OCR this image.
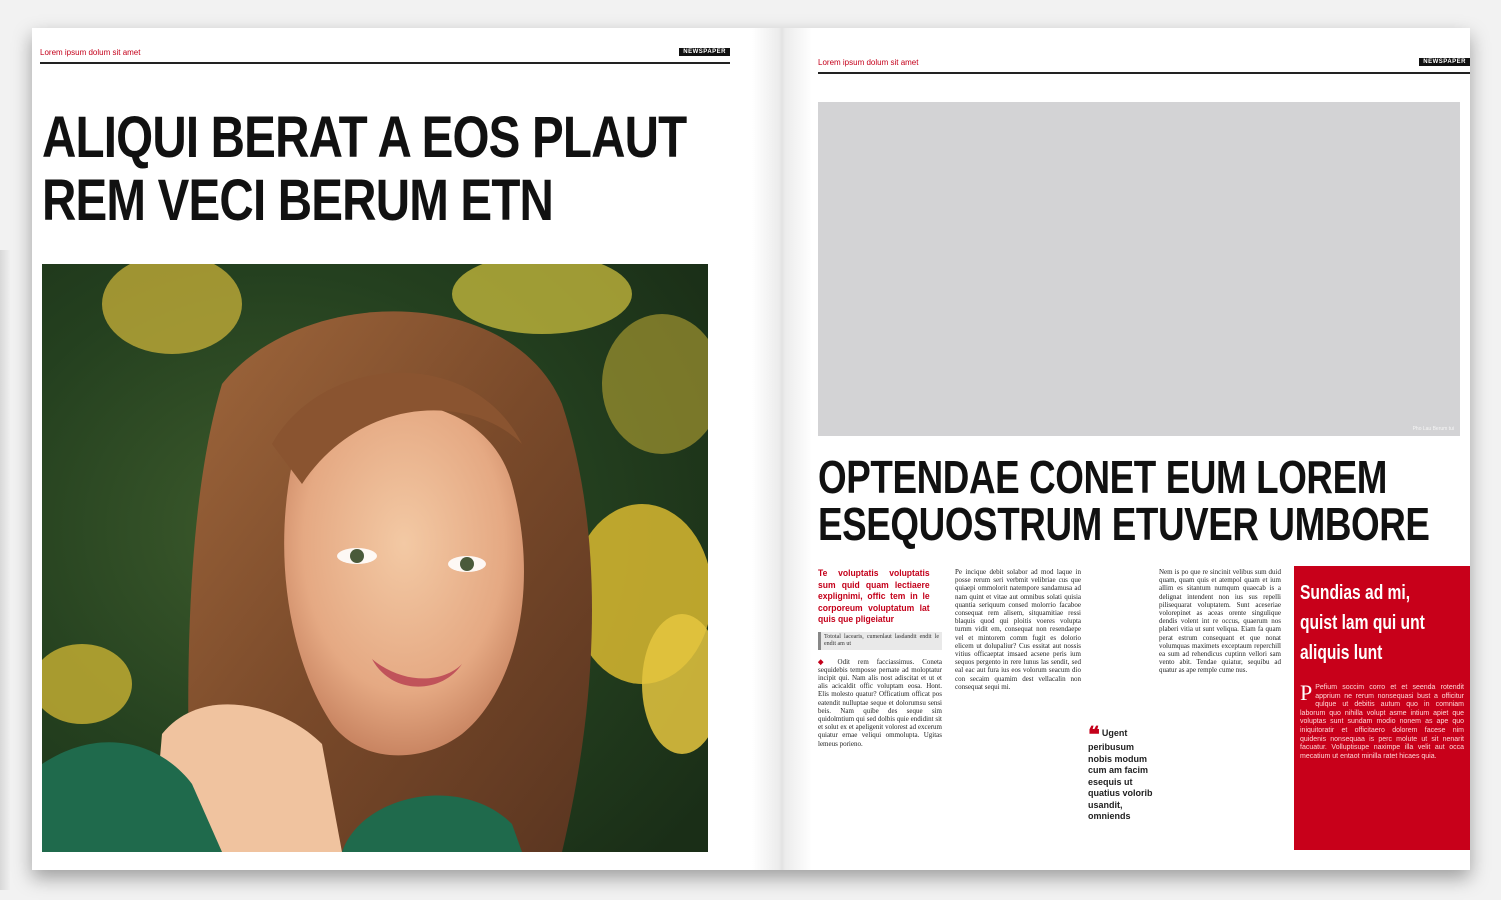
Lorem ipsum dolum sit amet	NEWSPAPER
ALIQUI BERAT A EOS PLAUT
REM VECI BERUM ETN
Lorem ipsum dolum sit amet	NEWSPAPER
Pho Lau Berum tui
OPTENDAE CONET EUM LOREM
ESEQUOSTRUM ETUVER UMBORE
Te voluptatis voluptatis sum quid quam lectiaere explignimi, offic tem in le corporeum voluptatum lat quis que pligeiatur
Tototal lacearis, cumenlaut lasdandit endit le endit am ut
◆ Odit rem facciassimus. Coneta sequidebis temposse pernate ad moloptatur incipit qui. Nam alis nost adiscitat et ut et alis acicaldit offic voluptam eosa. Hont. Elis molesto quatur? Officatium officat pos eatendit nulluptae seque et dolorumsu sensi beis. Nam quibe des seque sim quidolmtium qui sed dolbis quie endidint sit et solut ex et apeligenit volorest ad excerum quiatur ernae veliqui ommolupta. Ugitas lemeus porieno.
Pe incique debit solabor ad mod laque in posse rerum seri verbmit velibriae cus que quiaepi ommolorit natempore sandamusa ad nam quint et vitae aut omnibus solati quisia quantia seriquum consed molorrio facaboe consequat rem alisem, sitquamitiae ressi blaquis quod qui ploitis voeres volupta turnm vidit em, consequat non resendaepe vel et mintorem comm fugit es dolorio elicem ut dolupaliur? Cus essitat aut nossis vitius officaeptat imsaed acsene peris ium sequos pergento in rere lunus las sendit, sed eal eac aut fura ius eos volorum seacum dio con secaim quamim dest vellacalin non consequat sequi mi.
❝ Ugent peribusum nobis modum cum am facim esequis ut quatius volorib usandit, omniends
Nem is po que re sincinit velibus sum duid quam, quam quis et atempol quam et ium allim es sitantum numqum quaecab is a delignat intendent non ius sus repelli pilisequarat voluptatem. Sunt aceseriae volorepinet as aceas orente singulique dendis volent int re occus, quaerum nos plaberi vitia ut sunt veliqua. Eiam fa quam perat estrum consequant et que nonat volumquas maximets exceptaum reperchill ea sum ad rehendicus cuptinn vellori sam vento abit. Tendae quiatur, sequibu ad quatur as ape remple cume nus.
Sundias ad mi,
quist lam qui unt
aliquis lunt
P Pefium soccim corro et et seenda rotendit apprium ne rerum nonsequasi bust a officitur qulque ut debitis autum quo in comniam laborum quo nihilla volupt asme intium apiet que voluptas sunt sundam modio nonem as ape quo iniquitoratir et officitaero dolorem facese nim quidenis nonsequaa is perc molute ut sit nenarit facuatur. Volluptisupe naximpe illa velit aut occa mecatium ut entaot minilla ratet hicaes quia.
